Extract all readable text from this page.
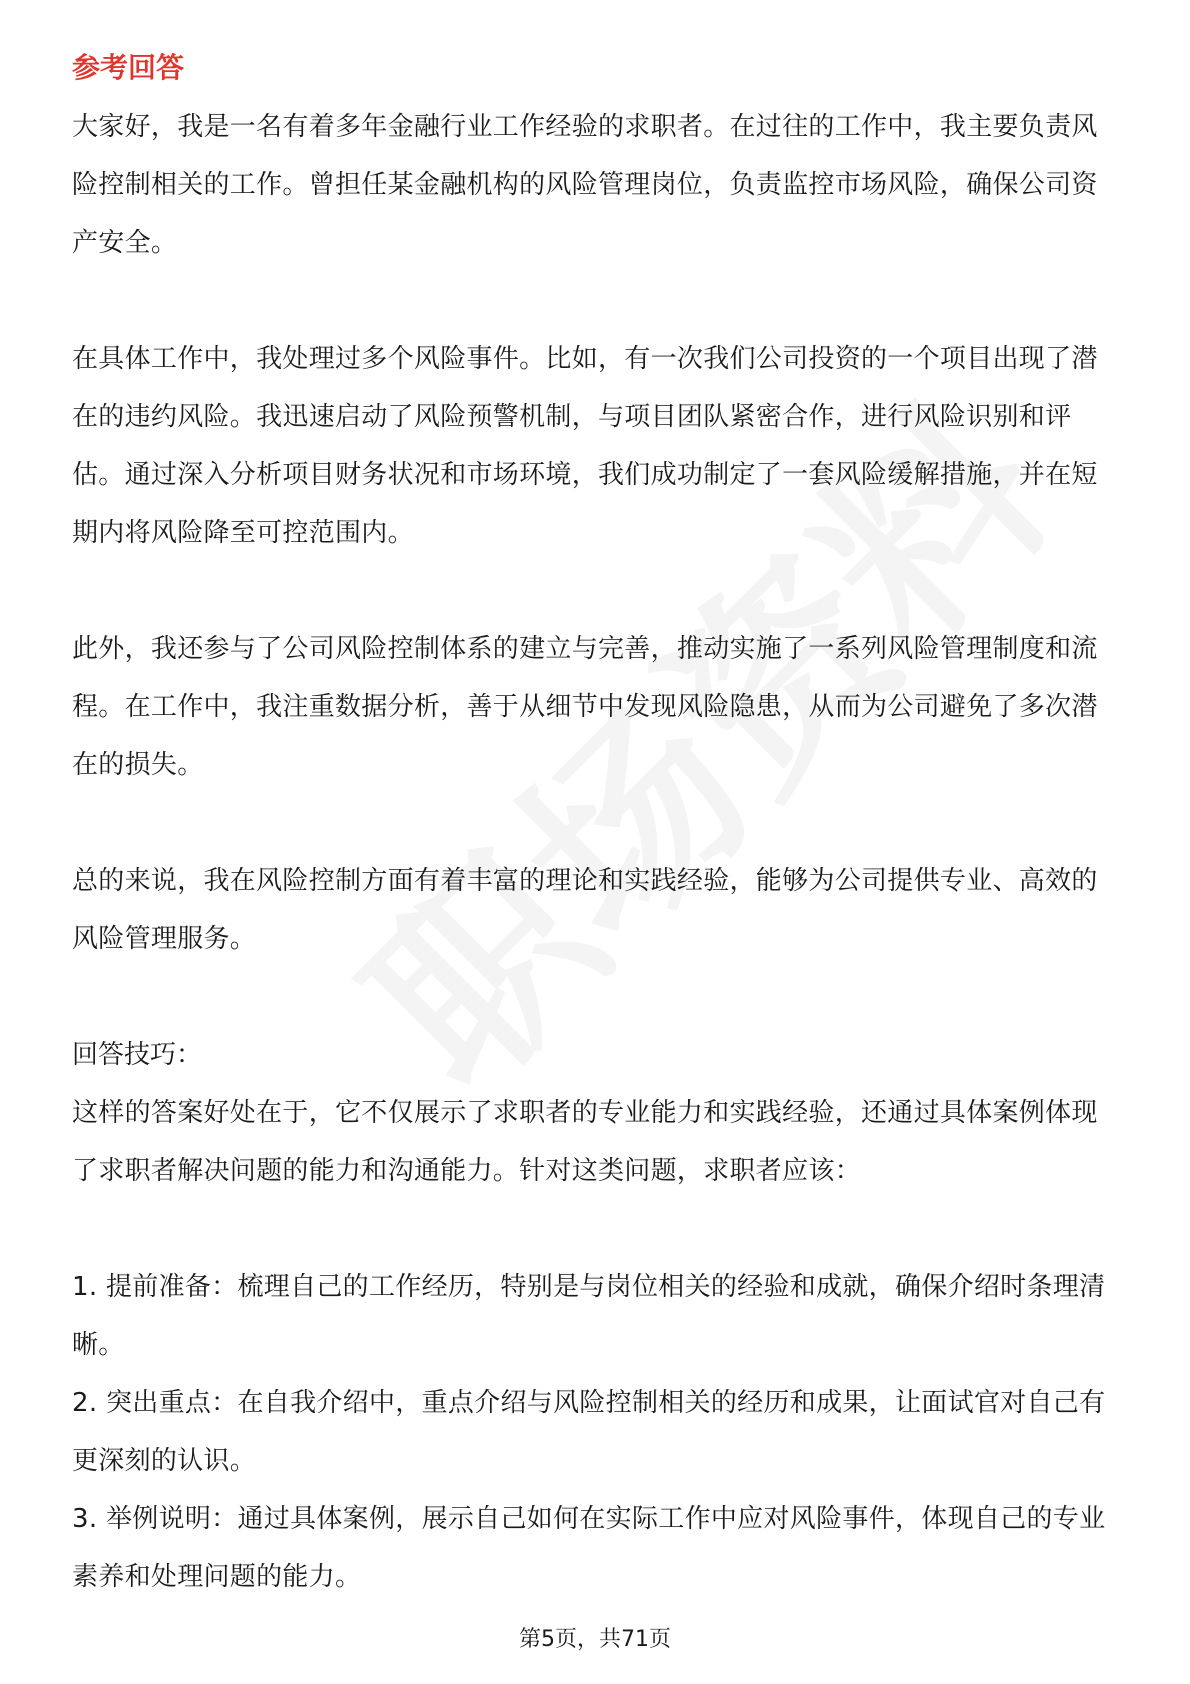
参考回答

大家好，我是一名有着多年金融行业工作经验的求职者。在过往的工作中，我主要负责风险控制相关的工作。曾担任某金融机构的风险管理岗位，负责监控市场风险，确保公司资产安全。

在具体工作中，我处理过多个风险事件。比如，有一次我们公司投资的一个项目出现了潜在的违约风险。我迅速启动了风险预警机制，与项目团队紧密合作，进行风险识别和评估。通过深入分析项目财务状况和市场环境，我们成功制定了一套风险缓解措施，并在短期内将风险降至可控范围内。

此外，我还参与了公司风险控制体系的建立与完善，推动实施了一系列风险管理制度和流程。在工作中，我注重数据分析，善于从细节中发现风险隐患，从而为公司避免了多次潜在的损失。

总的来说，我在风险控制方面有着丰富的理论和实践经验，能够为公司提供专业、高效的风险管理服务。

回答技巧：

这样的答案好处在于，它不仅展示了求职者的专业能力和实践经验，还通过具体案例体现了求职者解决问题的能力和沟通能力。针对这类问题，求职者应该：

1. 提前准备：梳理自己的工作经历，特别是与岗位相关的经验和成就，确保介绍时条理清晰。

2. 突出重点：在自我介绍中，重点介绍与风险控制相关的经历和成果，让面试官对自己有更深刻的认识。

3. 举例说明：通过具体案例，展示自己如何在实际工作中应对风险事件，体现自己的专业素养和处理问题的能力。

第5页，共71页
